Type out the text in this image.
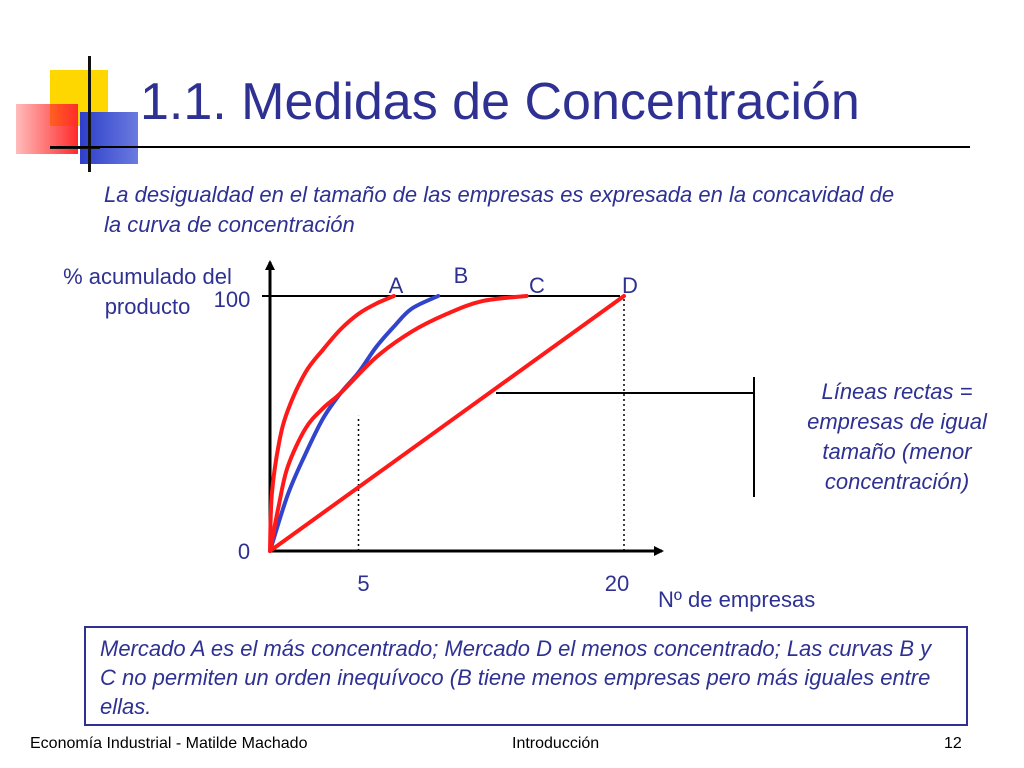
1.1. Medidas de Concentración
La desigualdad en el tamaño de las empresas es expresada en la concavidad de la curva de concentración
% acumulado del producto
A B	C	D
5	20
0
100
Líneas rectas = empresas de igual tamaño (menor concentración)
Nº de empresas
Mercado A es el más concentrado; Mercado D el menos concentrado; Las curvas B y C no permiten un orden inequívoco (B tiene menos empresas pero más iguales entre ellas.
Economía Industrial - Matilde Machado	Introducción	12
